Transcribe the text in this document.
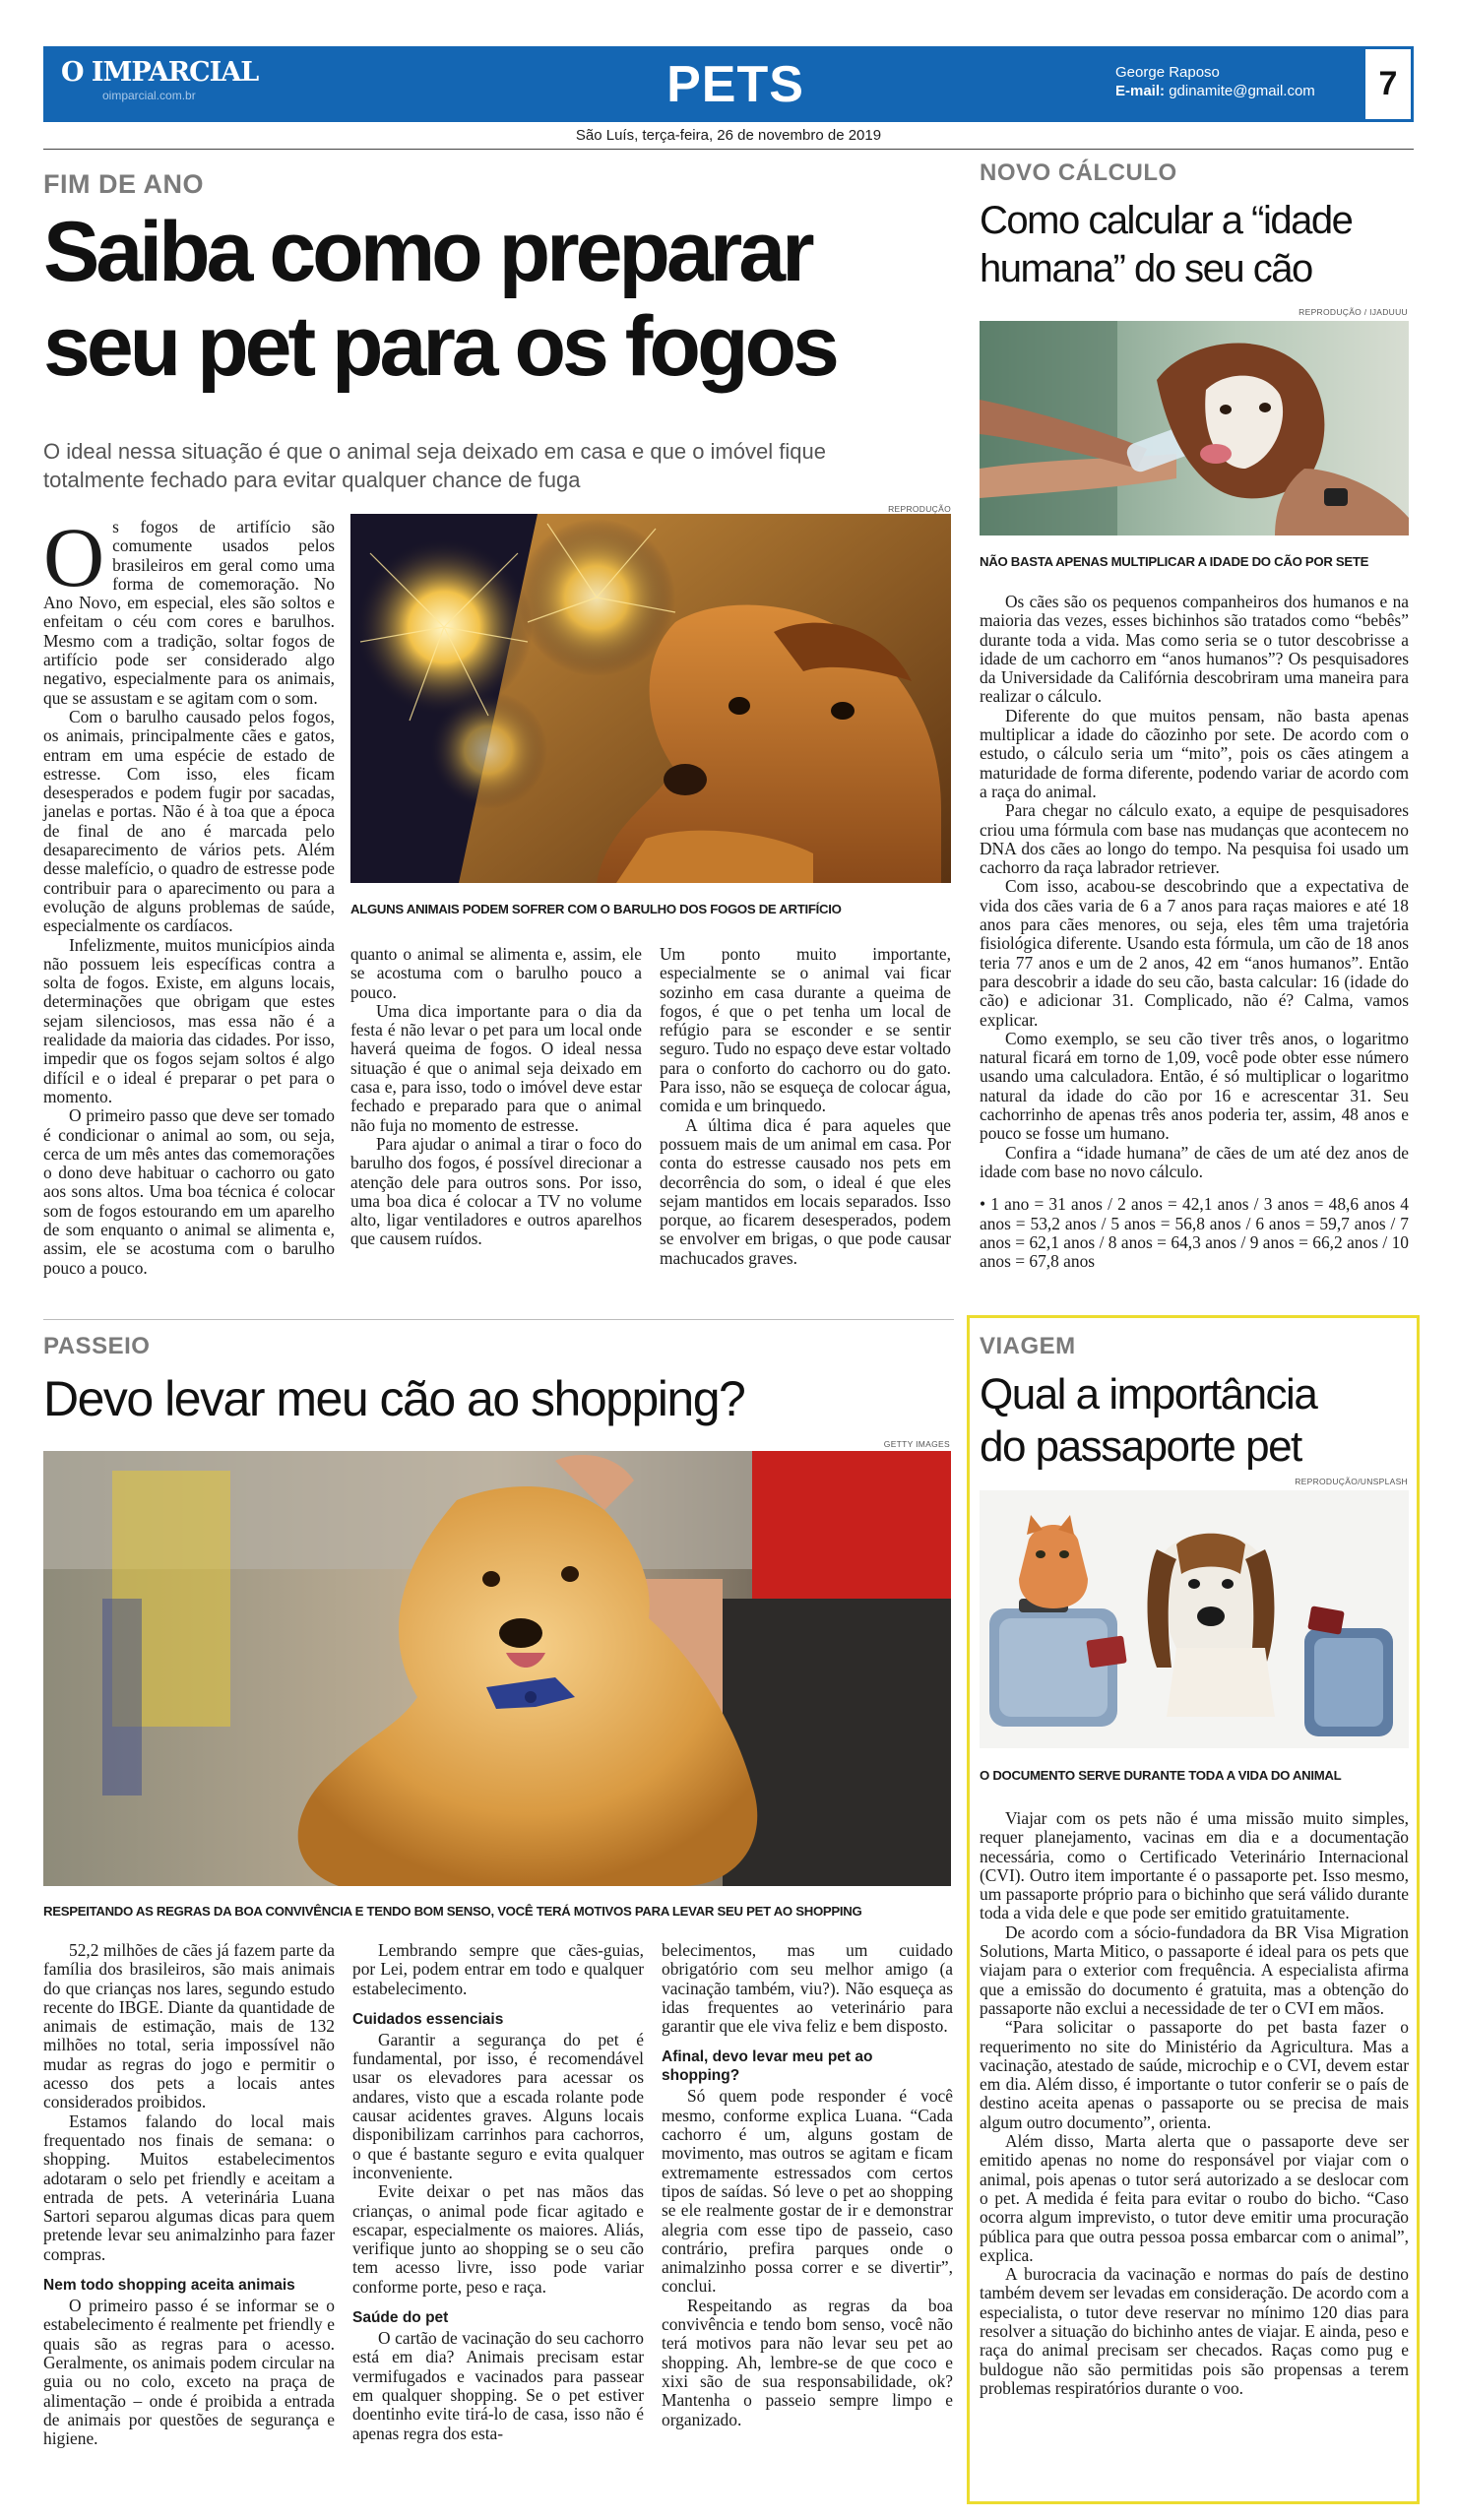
O IMPARCIAL
oimparcial.com.br	PETS	George Raposo
E-mail: gdinamite@gmail.com	7
São Luís, terça-feira, 26 de novembro de 2019
FIM DE ANO
Saiba como preparar
seu pet para os fogos
O ideal nessa situação é que o animal seja deixado em casa e que o imóvel fique
totalmente fechado para evitar qualquer chance de fuga
O s fogos de artifício são comumente usados pelos brasileiros em geral como uma forma de comemoração. No Ano Novo, em especial, eles são soltos e enfeitam o céu com cores e barulhos. Mesmo com a tradição, soltar fogos de artifício pode ser considerado algo negativo, especialmente para os animais, que se assustam e se agitam com o som.

Com o barulho causado pelos fogos, os animais, principalmente cães e gatos, entram em uma espécie de estado de estresse. Com isso, eles ficam desesperados e podem fugir por sacadas, janelas e portas. Não é à toa que a época de final de ano é marcada pelo desaparecimento de vários pets. Além desse malefício, o quadro de estresse pode contribuir para o aparecimento ou para a evolução de alguns problemas de saúde, especialmente os cardíacos.

Infelizmente, muitos municípios ainda não possuem leis específicas contra a solta de fogos. Existe, em alguns locais, determinações que obrigam que estes sejam silenciosos, mas essa não é a realidade da maioria das cidades. Por isso, impedir que os fogos sejam soltos é algo difícil e o ideal é preparar o pet para o momento.

O primeiro passo que deve ser tomado é condicionar o animal ao som, ou seja, cerca de um mês antes das comemorações o dono deve habituar o cachorro ou gato aos sons altos. Uma boa técnica é colocar som de fogos estourando em um aparelho de som enquanto o animal se alimenta e, assim, ele se acostuma com o barulho pouco a pouco.

REPRODUÇÃO
ALGUNS ANIMAIS PODEM SOFRER COM O BARULHO DOS FOGOS DE ARTIFÍCIO

quanto o animal se alimenta e, assim, ele se acostuma com o barulho pouco a pouco.

Uma dica importante para o dia da festa é não levar o pet para um local onde haverá queima de fogos. O ideal nessa situação é que o animal seja deixado em casa e, para isso, todo o imóvel deve estar fechado e preparado para que o animal não fuja no momento de estresse.

Para ajudar o animal a tirar o foco do barulho dos fogos, é possível direcionar a atenção dele para outros sons. Por isso, uma boa dica é colocar a TV no volume alto, ligar ventiladores e outros aparelhos que causem ruídos.

Um ponto muito importante, especialmente se o animal vai ficar sozinho em casa durante a queima de fogos, é que o pet tenha um local de refúgio para se esconder e se sentir seguro. Tudo no espaço deve estar voltado para o conforto do cachorro ou do gato. Para isso, não se esqueça de colocar água, comida e um brinquedo.

A última dica é para aqueles que possuem mais de um animal em casa. Por conta do estresse causado nos pets em decorrência do som, o ideal é que eles sejam mantidos em locais separados. Isso porque, ao ficarem desesperados, podem se envolver em brigas, o que pode causar machucados graves.

NOVO CÁLCULO
Como calcular a “idade
humana” do seu cão
REPRODUÇÃO / IJADUUU
NÃO BASTA APENAS MULTIPLICAR A IDADE DO CÃO POR SETE

Os cães são os pequenos companheiros dos humanos e na maioria das vezes, esses bichinhos são tratados como “bebês” durante toda a vida. Mas como seria se o tutor descobrisse a idade de um cachorro em “anos humanos”? Os pesquisadores da Universidade da Califórnia descobriram uma maneira para realizar o cálculo.

Diferente do que muitos pensam, não basta apenas multiplicar a idade do cãozinho por sete. De acordo com o estudo, o cálculo seria um “mito”, pois os cães atingem a maturidade de forma diferente, podendo variar de acordo com a raça do animal.

Para chegar no cálculo exato, a equipe de pesquisadores criou uma fórmula com base nas mudanças que acontecem no DNA dos cães ao longo do tempo. Na pesquisa foi usado um cachorro da raça labrador retriever.

Com isso, acabou-se descobrindo que a expectativa de vida dos cães varia de 6 a 7 anos para raças maiores e até 18 anos para cães menores, ou seja, eles têm uma trajetória fisiológica diferente. Usando esta fórmula, um cão de 18 anos teria 77 anos e um de 2 anos, 42 em “anos humanos”. Então para descobrir a idade do seu cão, basta calcular: 16 (idade do cão) e adicionar 31. Complicado, não é? Calma, vamos explicar.

Como exemplo, se seu cão tiver três anos, o logaritmo natural ficará em torno de 1,09, você pode obter esse número usando uma calculadora. Então, é só multiplicar o logaritmo natural da idade do cão por 16 e acrescentar 31. Seu cachorrinho de apenas três anos poderia ter, assim, 48 anos e pouco se fosse um humano.

Confira a “idade humana” de cães de um até dez anos de idade com base no novo cálculo.

• 1 ano = 31 anos / 2 anos = 42,1 anos / 3 anos = 48,6 anos 4 anos = 53,2 anos / 5 anos = 56,8 anos / 6 anos = 59,7 anos / 7 anos = 62,1 anos / 8 anos = 64,3 anos / 9 anos = 66,2 anos / 10 anos = 67,8 anos

PASSEIO
Devo levar meu cão ao shopping?
GETTY IMAGES
RESPEITANDO AS REGRAS DA BOA CONVIVÊNCIA E TENDO BOM SENSO, VOCÊ TERÁ MOTIVOS PARA LEVAR SEU PET AO SHOPPING

52,2 milhões de cães já fazem parte da família dos brasileiros, são mais animais do que crianças nos lares, segundo estudo recente do IBGE. Diante da quantidade de animais de estimação, mais de 132 milhões no total, seria impossível não mudar as regras do jogo e permitir o acesso dos pets a locais antes considerados proibidos.

Estamos falando do local mais frequentado nos finais de semana: o shopping. Muitos estabelecimentos adotaram o selo pet friendly e aceitam a entrada de pets. A veterinária Luana Sartori separou algumas dicas para quem pretende levar seu animalzinho para fazer compras.

Nem todo shopping aceita animais

O primeiro passo é se informar se o estabelecimento é realmente pet friendly e quais são as regras para o acesso. Geralmente, os animais podem circular na guia ou no colo, exceto na praça de alimentação – onde é proibida a entrada de animais por questões de segurança e higiene.

Lembrando sempre que cães-guias, por Lei, podem entrar em todo e qualquer estabelecimento.

Cuidados essenciais

Garantir a segurança do pet é fundamental, por isso, é recomendável usar os elevadores para acessar os andares, visto que a escada rolante pode causar acidentes graves. Alguns locais disponibilizam carrinhos para cachorros, o que é bastante seguro e evita qualquer inconveniente.

Evite deixar o pet nas mãos das crianças, o animal pode ficar agitado e escapar, especialmente os maiores. Aliás, verifique junto ao shopping se o seu cão tem acesso livre, isso pode variar conforme porte, peso e raça.

Saúde do pet

O cartão de vacinação do seu cachorro está em dia? Animais precisam estar vermifugados e vacinados para passear em qualquer shopping. Se o pet estiver doentinho evite tirá-lo de casa, isso não é apenas regra dos esta-

belecimentos, mas um cuidado obrigatório com seu melhor amigo (a vacinação também, viu?). Não esqueça as idas frequentes ao veterinário para garantir que ele viva feliz e bem disposto.

Afinal, devo levar meu pet ao shopping?

Só quem pode responder é você mesmo, conforme explica Luana. “Cada cachorro é um, alguns gostam de movimento, mas outros se agitam e ficam extremamente estressados com certos tipos de saídas. Só leve o pet ao shopping se ele realmente gostar de ir e demonstrar alegria com esse tipo de passeio, caso contrário, prefira parques onde o animalzinho possa correr e se divertir”, conclui.

Respeitando as regras da boa convivência e tendo bom senso, você não terá motivos para não levar seu pet ao shopping. Ah, lembre-se de que coco e xixi são de sua responsabilidade, ok? Mantenha o passeio sempre limpo e organizado.

VIAGEM
Qual a importância
do passaporte pet
REPRODUÇÃO/UNSPLASH
O DOCUMENTO SERVE DURANTE TODA A VIDA DO ANIMAL

Viajar com os pets não é uma missão muito simples, requer planejamento, vacinas em dia e a documentação necessária, como o Certificado Veterinário Internacional (CVI). Outro item importante é o passaporte pet. Isso mesmo, um passaporte próprio para o bichinho que será válido durante toda a vida dele e que pode ser emitido gratuitamente.

De acordo com a sócio-fundadora da BR Visa Migration Solutions, Marta Mitico, o passaporte é ideal para os pets que viajam para o exterior com frequência. A especialista afirma que a emissão do documento é gratuita, mas a obtenção do passaporte não exclui a necessidade de ter o CVI em mãos.

“Para solicitar o passaporte do pet basta fazer o requerimento no site do Ministério da Agricultura. Mas a vacinação, atestado de saúde, microchip e o CVI, devem estar em dia. Além disso, é importante o tutor conferir se o país de destino aceita apenas o passaporte ou se precisa de mais algum outro documento”, orienta.

Além disso, Marta alerta que o passaporte deve ser emitido apenas no nome do responsável por viajar com o animal, pois apenas o tutor será autorizado a se deslocar com o pet. A medida é feita para evitar o roubo do bicho. “Caso ocorra algum imprevisto, o tutor deve emitir uma procuração pública para que outra pessoa possa embarcar com o animal”, explica.

A burocracia da vacinação e normas do país de destino também devem ser levadas em consideração. De acordo com a especialista, o tutor deve reservar no mínimo 120 dias para resolver a situação do bichinho antes de viajar. E ainda, peso e raça do animal precisam ser checados. Raças como pug e buldogue não são permitidas pois são propensas a terem problemas respiratórios durante o voo.
